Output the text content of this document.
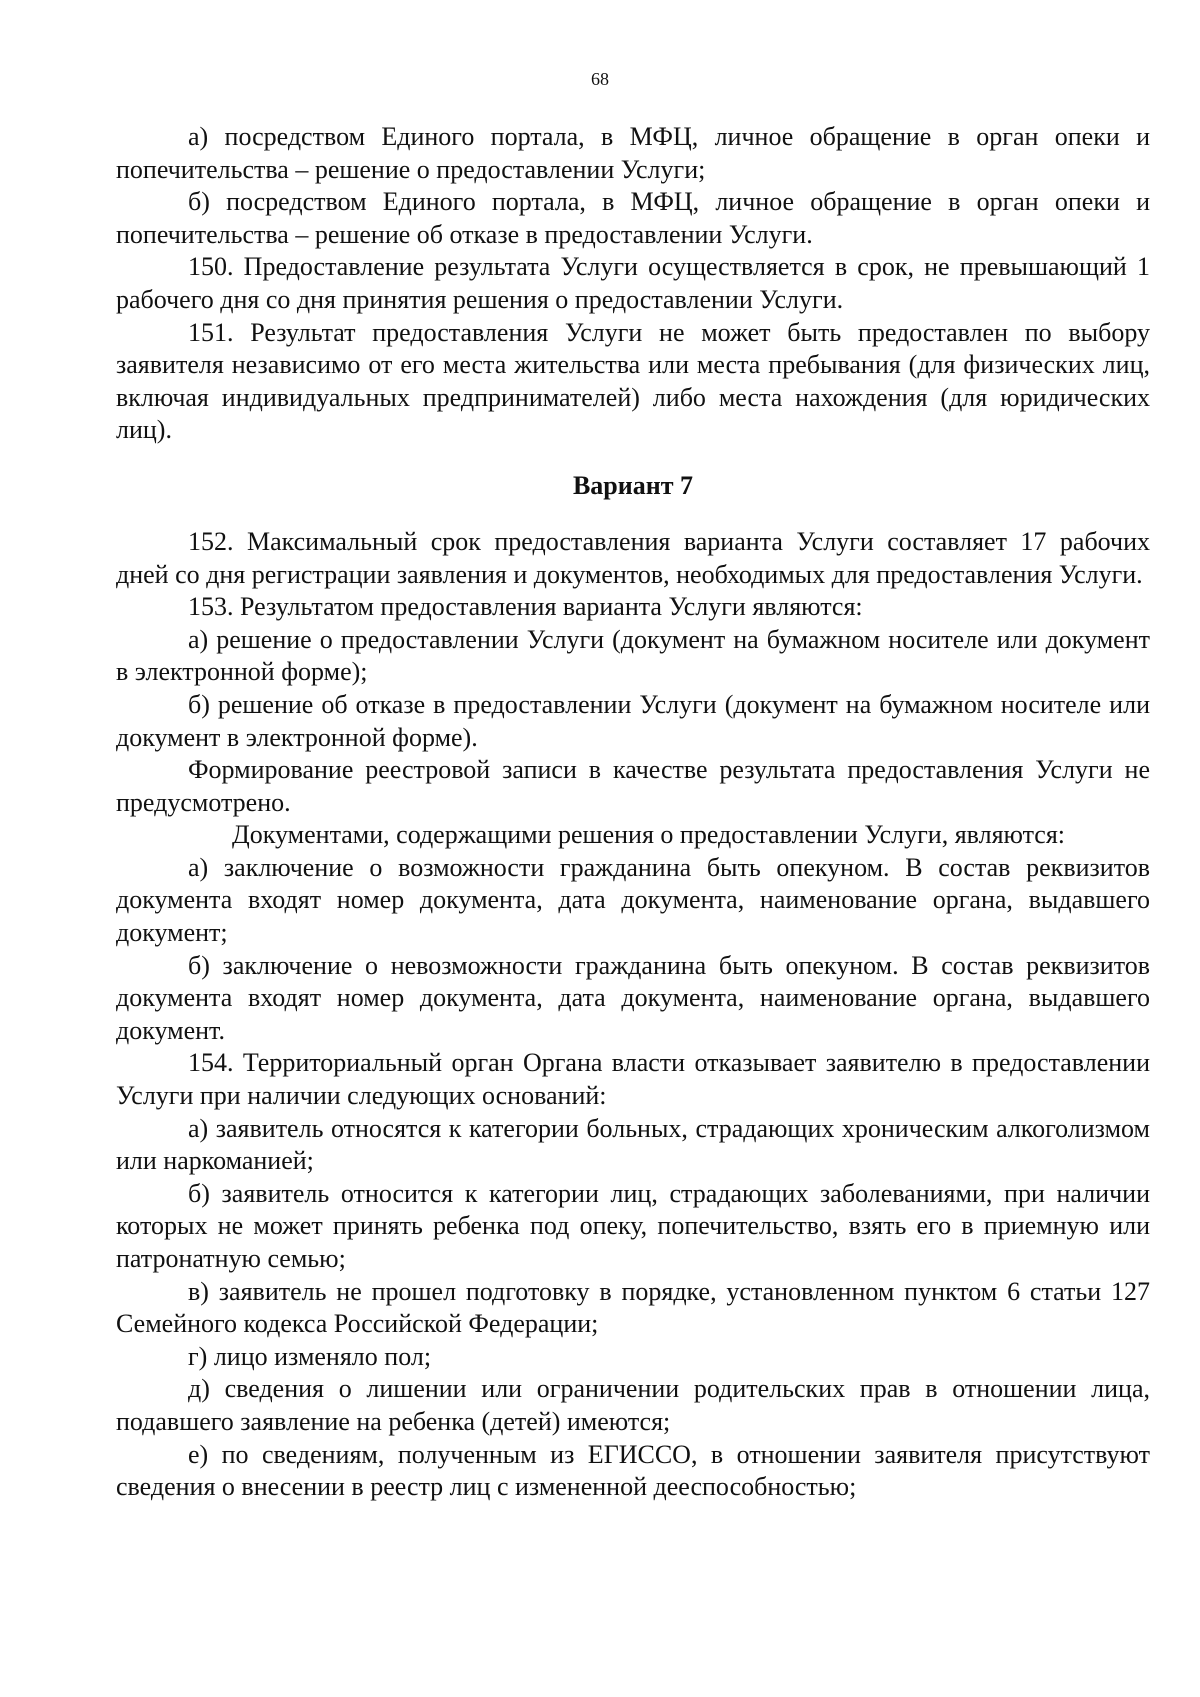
68

а) посредством Единого портала, в МФЦ, личное обращение в орган опеки и попечительства – решение о предоставлении Услуги;

б) посредством Единого портала, в МФЦ, личное обращение в орган опеки и попечительства – решение об отказе в предоставлении Услуги.

150. Предоставление результата Услуги осуществляется в срок, не превышающий 1 рабочего дня со дня принятия решения о предоставлении Услуги.

151. Результат предоставления Услуги не может быть предоставлен по выбору заявителя независимо от его места жительства или места пребывания (для физических лиц, включая индивидуальных предпринимателей) либо места нахождения (для юридических лиц).

Вариант 7

152. Максимальный срок предоставления варианта Услуги составляет 17 рабочих дней со дня регистрации заявления и документов, необходимых для предоставления Услуги.

153. Результатом предоставления варианта Услуги являются:

а) решение о предоставлении Услуги (документ на бумажном носителе или документ в электронной форме);

б) решение об отказе в предоставлении Услуги (документ на бумажном носителе или документ в электронной форме).

Формирование реестровой записи в качестве результата предоставления Услуги не предусмотрено.

Документами, содержащими решения о предоставлении Услуги, являются:

а) заключение о возможности гражданина быть опекуном. В состав реквизитов документа входят номер документа, дата документа, наименование органа, выдавшего документ;

б) заключение о невозможности гражданина быть опекуном. В состав реквизитов документа входят номер документа, дата документа, наименование органа, выдавшего документ.

154. Территориальный орган Органа власти отказывает заявителю в предоставлении Услуги при наличии следующих оснований:

а) заявитель относятся к категории больных, страдающих хроническим алкоголизмом или наркоманией;

б) заявитель относится к категории лиц, страдающих заболеваниями, при наличии которых не может принять ребенка под опеку, попечительство, взять его в приемную или патронатную семью;

в) заявитель не прошел подготовку в порядке, установленном пунктом 6 статьи 127 Семейного кодекса Российской Федерации;

г) лицо изменяло пол;

д) сведения о лишении или ограничении родительских прав в отношении лица, подавшего заявление на ребенка (детей) имеются;

е) по сведениям, полученным из ЕГИССО, в отношении заявителя присутствуют сведения о внесении в реестр лиц с измененной дееспособностью;
